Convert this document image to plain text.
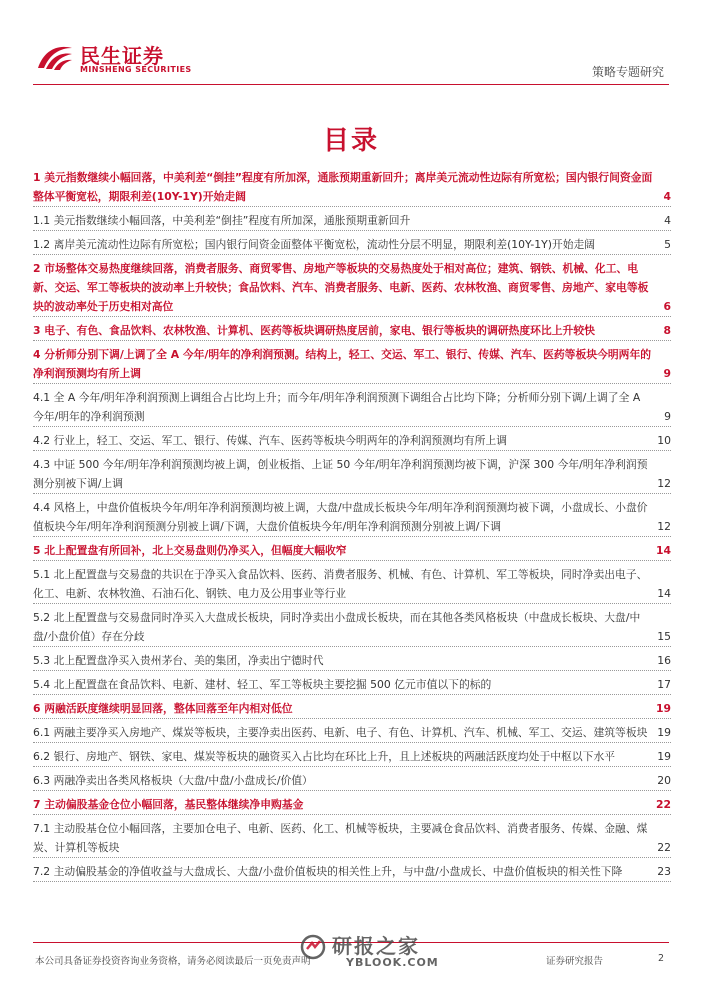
民生证券
MINSHENG SECURITIES	策略专题研究
目录
1 美元指数继续小幅回落，中美利差“倒挂”程度有所加深，通胀预期重新回升；离岸美元流动性边际有所宽松；国内银行间资金面整体平衡宽松，期限利差(10Y-1Y)开始走阔	4
1.1 美元指数继续小幅回落，中美利差“倒挂”程度有所加深，通胀预期重新回升	4
1.2 离岸美元流动性边际有所宽松；国内银行间资金面整体平衡宽松，流动性分层不明显，期限利差(10Y-1Y)开始走阔	5
2 市场整体交易热度继续回落，消费者服务、商贸零售、房地产等板块的交易热度处于相对高位；建筑、钢铁、机械、化工、电新、交运、军工等板块的波动率上升较快；食品饮料、汽车、消费者服务、电新、医药、农林牧渔、商贸零售、房地产、家电等板块的波动率处于历史相对高位	6
3 电子、有色、食品饮料、农林牧渔、计算机、医药等板块调研热度居前，家电、银行等板块的调研热度环比上升较快	8
4 分析师分别下调/上调了全 A 今年/明年的净利润预测。结构上，轻工、交运、军工、银行、传媒、汽车、医药等板块今明两年的净利润预测均有所上调	9
4.1 全 A 今年/明年净利润预测上调组合占比均上升；而今年/明年净利润预测下调组合占比均下降；分析师分别下调/上调了全 A 今年/明年的净利润预测	9
4.2 行业上，轻工、交运、军工、银行、传媒、汽车、医药等板块今明两年的净利润预测均有所上调	10
4.3 中证 500 今年/明年净利润预测均被上调，创业板指、上证 50 今年/明年净利润预测均被下调，沪深 300 今年/明年净利润预测分别被下调/上调	12
4.4 风格上，中盘价值板块今年/明年净利润预测均被上调，大盘/中盘成长板块今年/明年净利润预测均被下调，小盘成长、小盘价值板块今年/明年净利润预测分别被上调/下调，大盘价值板块今年/明年净利润预测分别被上调/下调	12
5 北上配置盘有所回补，北上交易盘则仍净买入，但幅度大幅收窄	14
5.1 北上配置盘与交易盘的共识在于净买入食品饮料、医药、消费者服务、机械、有色、计算机、军工等板块，同时净卖出电子、化工、电新、农林牧渔、石油石化、钢铁、电力及公用事业等行业	14
5.2 北上配置盘与交易盘同时净买入大盘成长板块，同时净卖出小盘成长板块，而在其他各类风格板块（中盘成长板块、大盘/中盘/小盘价值）存在分歧	15
5.3 北上配置盘净买入贵州茅台、美的集团，净卖出宁德时代	16
5.4 北上配置盘在食品饮料、电新、建材、轻工、军工等板块主要挖掘 500 亿元市值以下的标的	17
6 两融活跃度继续明显回落，整体回落至年内相对低位	19
6.1 两融主要净买入房地产、煤炭等板块，主要净卖出医药、电新、电子、有色、计算机、汽车、机械、军工、交运、建筑等板块 19
6.2 银行、房地产、钢铁、家电、煤炭等板块的融资买入占比均在环比上升，且上述板块的两融活跃度均处于中枢以下水平	19
6.3 两融净卖出各类风格板块（大盘/中盘/小盘成长/价值）	20
7 主动偏股基金仓位小幅回落，基民整体继续净申购基金	22
7.1 主动股基仓位小幅回落，主要加仓电子、电新、医药、化工、机械等板块，主要减仓食品饮料、消费者服务、传媒、金融、煤炭、计算机等板块	22
7.2 主动偏股基金的净值收益与大盘成长、大盘/小盘价值板块的相关性上升，与中盘/小盘成长、中盘价值板块的相关性下降	23
本公司具备证券投资咨询业务资格，请务必阅读最后一页免责声明	证券研究报告	2
研报之家
YBLOOK.COM
